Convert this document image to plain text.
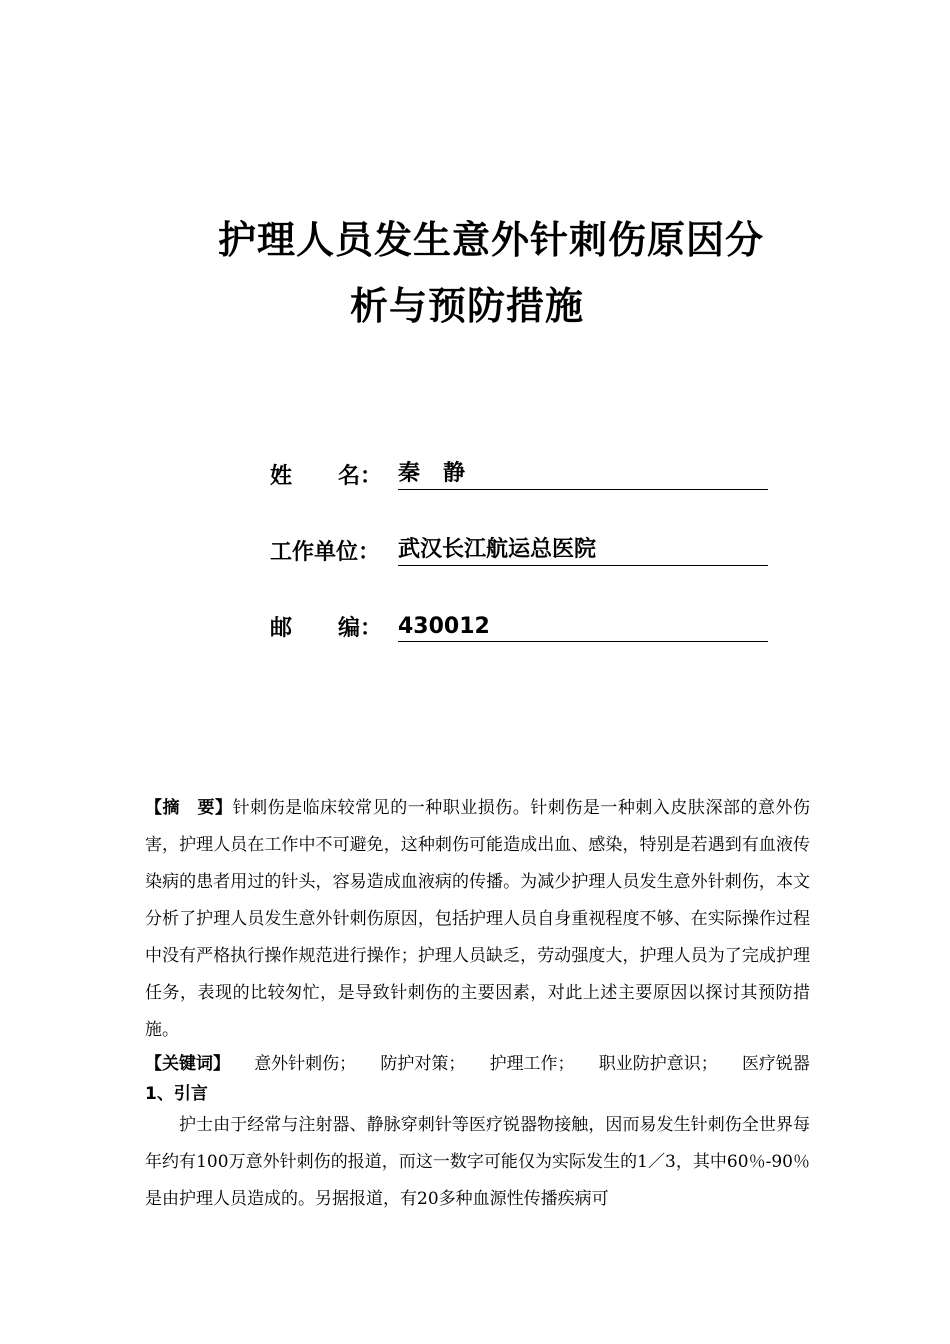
护理人员发生意外针刺伤原因分
析与预防措施
姓      名： 秦   静
工作单位： 武汉长江航运总医院
邮      编： 430012
【摘　要】针刺伤是临床较常见的一种职业损伤。针刺伤是一种刺入皮肤深部的意外伤害，护理人员在工作中不可避免，这种刺伤可能造成出血、感染，特别是若遇到有血液传染病的患者用过的针头，容易造成血液病的传播。为减少护理人员发生意外针刺伤，本文分析了护理人员发生意外针刺伤原因，包括护理人员自身重视程度不够、在实际操作过程中没有严格执行操作规范进行操作；护理人员缺乏，劳动强度大，护理人员为了完成护理任务，表现的比较匆忙，是导致针刺伤的主要因素，对此上述主要原因以探讨其预防措施。
【关键词】 意外针刺伤； 防护对策； 护理工作； 职业防护意识； 医疗锐器
1、引言
护士由于经常与注射器、静脉穿刺针等医疗锐器物接触，因而易发生针刺伤全世界每年约有100万意外针刺伤的报道，而这一数字可能仅为实际发生的1／3，其中60％-90％是由护理人员造成的。另据报道，有20多种血源性传播疾病可
